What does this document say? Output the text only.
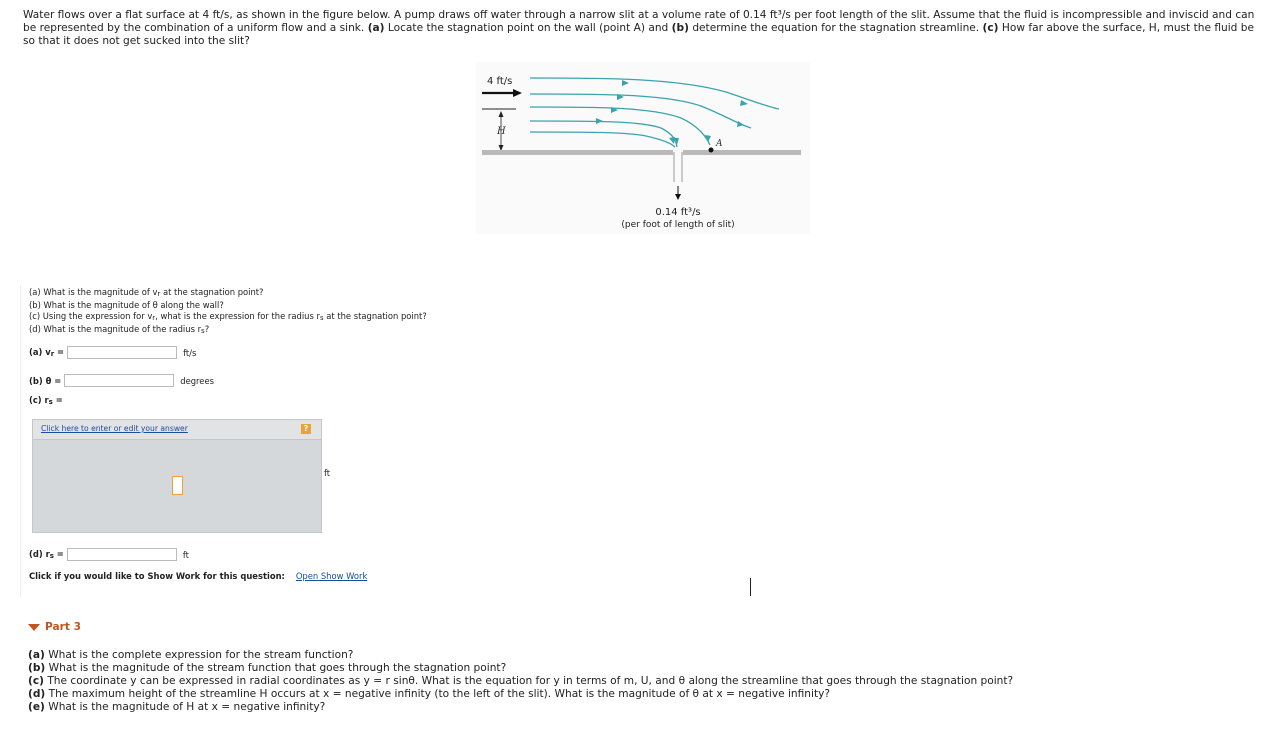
Water flows over a flat surface at 4 ft/s, as shown in the figure below. A pump draws off water through a narrow slit at a volume rate of 0.14 ft³/s per foot length of the slit. Assume that the fluid is incompressible and inviscid and can be represented by the combination of a uniform flow and a sink. (a) Locate the stagnation point on the wall (point A) and (b) determine the equation for the stagnation streamline. (c) How far above the surface, H, must the fluid be so that it does not get sucked into the slit?
4 ft/s
H
A
0.14 ft³/s
(per foot of length of slit)
(a) What is the magnitude of $v_r$ at the stagnation point?
(b) What is the magnitude of θ along the wall?
(c) Using the expression for $v_r$, what is the expression for the radius $r_s$ at the stagnation point?
(d) What is the magnitude of the radius $r_s$?
(a) $v_r$ =	ft/s
(b) θ =	degrees
(c) $r_s$ =
Click here to enter or edit your answer	?
ft
(d) $r_s$ =	ft
Click if you would like to Show Work for this question: Open Show Work
Part 3
(a) What is the complete expression for the stream function?
(b) What is the magnitude of the stream function that goes through the stagnation point?
(c) The coordinate y can be expressed in radial coordinates as y = r sinθ. What is the equation for y in terms of m, U, and θ along the streamline that goes through the stagnation point?
(d) The maximum height of the streamline H occurs at x = negative infinity (to the left of the slit). What is the magnitude of θ at x = negative infinity?
(e) What is the magnitude of H at x = negative infinity?
